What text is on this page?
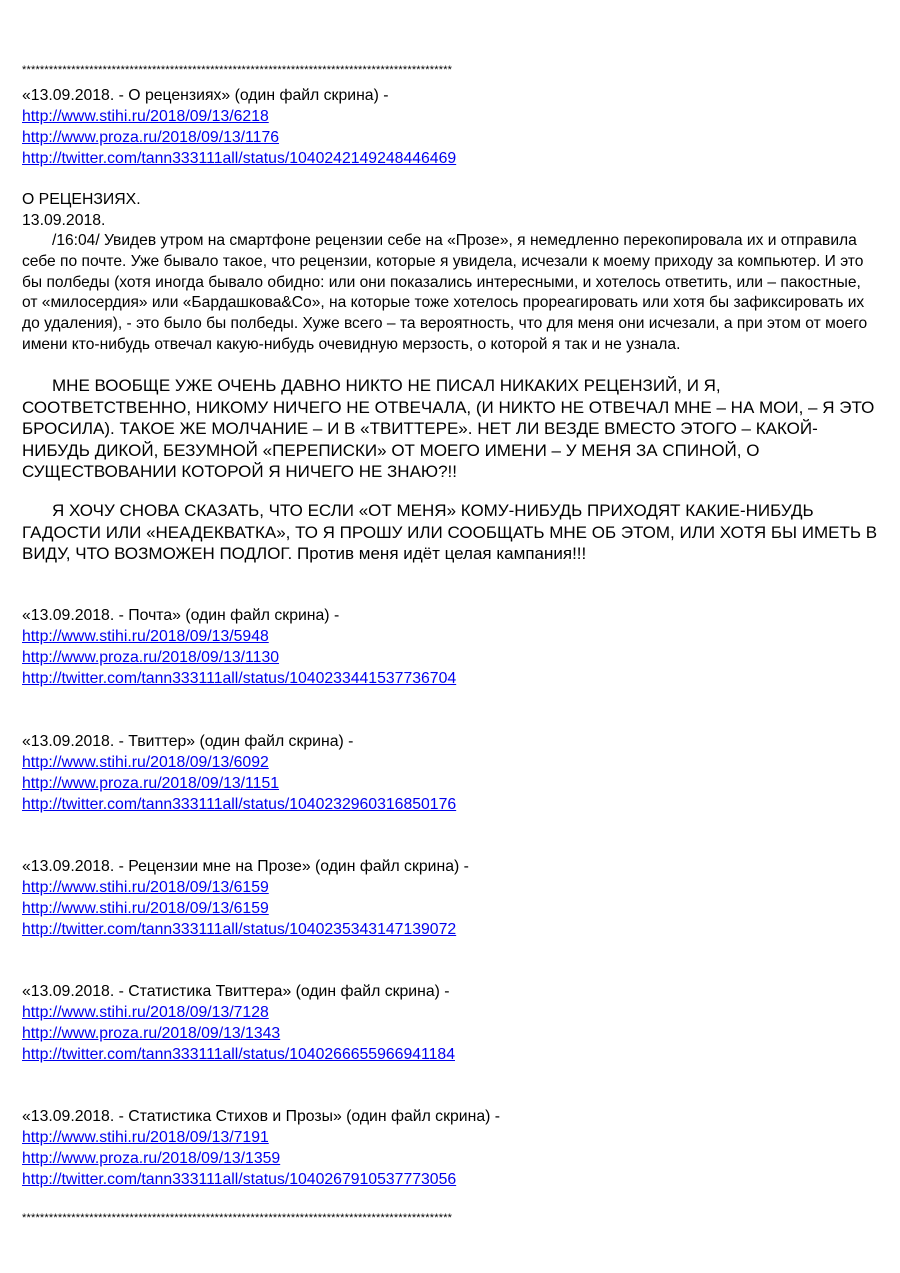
************************************************************************************************
«13.09.2018. - О рецензиях» (один файл скрина) -
http://www.stihi.ru/2018/09/13/6218
http://www.proza.ru/2018/09/13/1176
http://twitter.com/tann333111all/status/1040242149248446469
О РЕЦЕНЗИЯХ.
13.09.2018.

/16:04/ Увидев утром на смартфоне рецензии себе на «Прозе», я немедленно перекопировала их и отправила себе по почте. Уже бывало такое, что рецензии, которые я увидела, исчезали к моему приходу за компьютер. И это бы полбеды (хотя иногда бывало обидно: или они показались интересными, и хотелось ответить, или – пакостные, от «милосердия» или «Бардашкова&Со», на которые тоже хотелось прореагировать или хотя бы зафиксировать их до удаления), - это было бы полбеды. Хуже всего – та вероятность, что для меня они исчезали, а при этом от моего имени кто-нибудь отвечал какую-нибудь очевидную мерзость, о которой я так и не узнала.

МНЕ ВООБЩЕ УЖЕ ОЧЕНЬ ДАВНО НИКТО НЕ ПИСАЛ НИКАКИХ РЕЦЕНЗИЙ, И Я, СООТВЕТСТВЕННО, НИКОМУ НИЧЕГО НЕ ОТВЕЧАЛА, (И НИКТО НЕ ОТВЕЧАЛ МНЕ – НА МОИ, – Я ЭТО БРОСИЛА). ТАКОЕ ЖЕ МОЛЧАНИЕ – И В «ТВИТТЕРЕ». НЕТ ЛИ ВЕЗДЕ ВМЕСТО ЭТОГО – КАКОЙ-НИБУДЬ ДИКОЙ, БЕЗУМНОЙ «ПЕРЕПИСКИ» ОТ МОЕГО ИМЕНИ – У МЕНЯ ЗА СПИНОЙ, О СУЩЕСТВОВАНИИ КОТОРОЙ Я НИЧЕГО НЕ ЗНАЮ?!!

Я ХОЧУ СНОВА СКАЗАТЬ, ЧТО ЕСЛИ «ОТ МЕНЯ» КОМУ-НИБУДЬ ПРИХОДЯТ КАКИЕ-НИБУДЬ ГАДОСТИ ИЛИ «НЕАДЕКВАТКА», ТО Я ПРОШУ ИЛИ СООБЩАТЬ МНЕ ОБ ЭТОМ, ИЛИ ХОТЯ БЫ ИМЕТЬ В ВИДУ, ЧТО ВОЗМОЖЕН ПОДЛОГ. Против меня идёт целая кампания!!!

«13.09.2018. - Почта» (один файл скрина) -
http://www.stihi.ru/2018/09/13/5948
http://www.proza.ru/2018/09/13/1130
http://twitter.com/tann333111all/status/1040233441537736704
«13.09.2018. - Твиттер» (один файл скрина) -
http://www.stihi.ru/2018/09/13/6092
http://www.proza.ru/2018/09/13/1151
http://twitter.com/tann333111all/status/1040232960316850176
«13.09.2018. - Рецензии мне на Прозе» (один файл скрина) -
http://www.stihi.ru/2018/09/13/6159
http://www.stihi.ru/2018/09/13/6159
http://twitter.com/tann333111all/status/1040235343147139072
«13.09.2018. - Статистика Твиттера» (один файл скрина) -
http://www.stihi.ru/2018/09/13/7128
http://www.proza.ru/2018/09/13/1343
http://twitter.com/tann333111all/status/1040266655966941184
«13.09.2018. - Статистика Стихов и Прозы» (один файл скрина) -
http://www.stihi.ru/2018/09/13/7191
http://www.proza.ru/2018/09/13/1359
http://twitter.com/tann333111all/status/1040267910537773056
************************************************************************************************
